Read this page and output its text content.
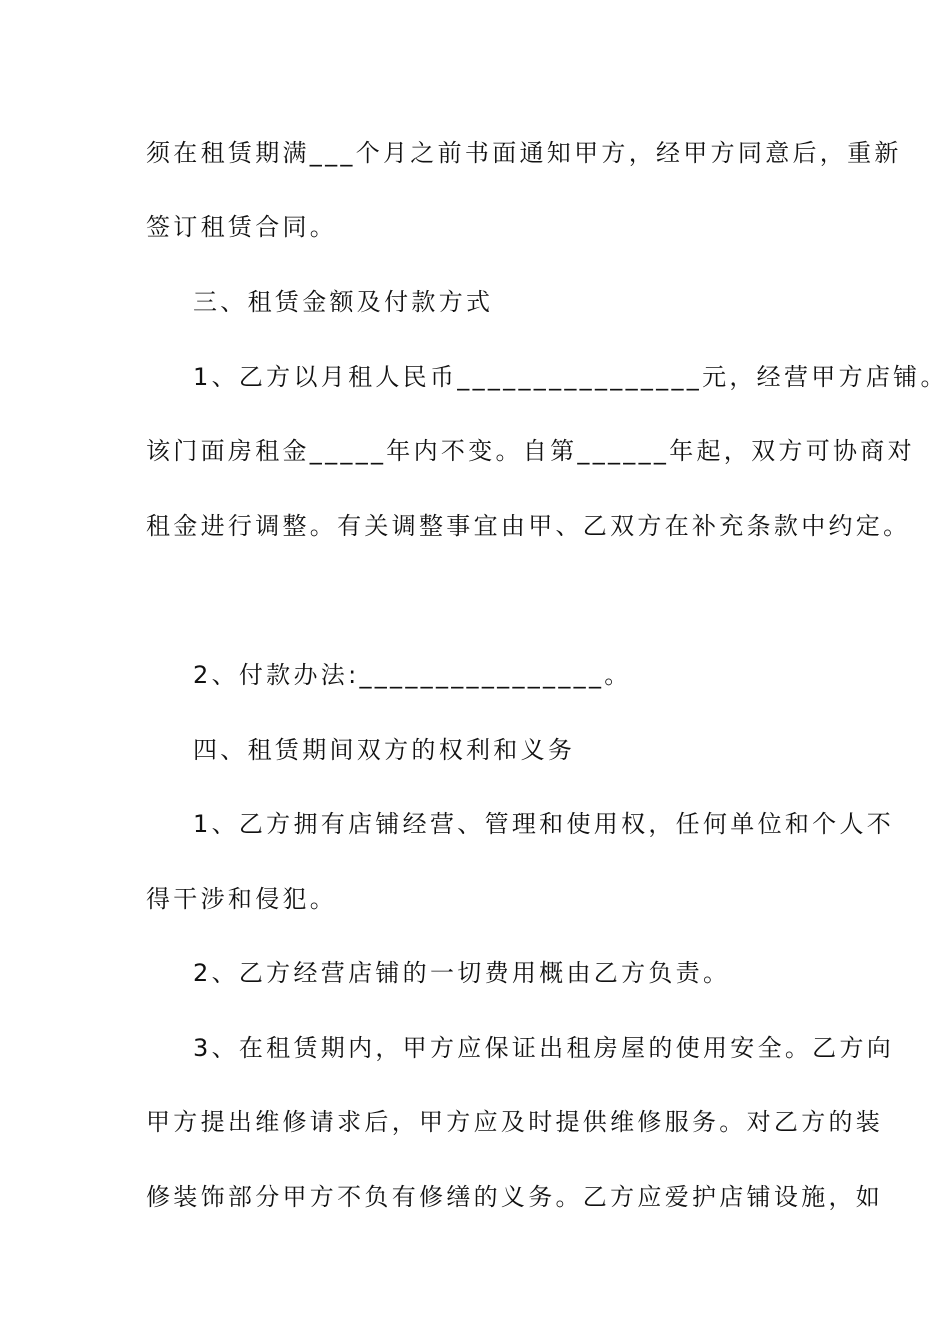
须在租赁期满___个月之前书面通知甲方，经甲方同意后，重新
签订租赁合同。
三、租赁金额及付款方式
1、乙方以月租人民币________________元，经营甲方店铺。
该门面房租金_____年内不变。自第______年起，双方可协商对
租金进行调整。有关调整事宜由甲、乙双方在补充条款中约定。
2、付款办法:________________。
四、租赁期间双方的权利和义务
1、乙方拥有店铺经营、管理和使用权，任何单位和个人不
得干涉和侵犯。
2、乙方经营店铺的一切费用概由乙方负责。
3、在租赁期内，甲方应保证出租房屋的使用安全。乙方向
甲方提出维修请求后，甲方应及时提供维修服务。对乙方的装
修装饰部分甲方不负有修缮的义务。乙方应爱护店铺设施，如
